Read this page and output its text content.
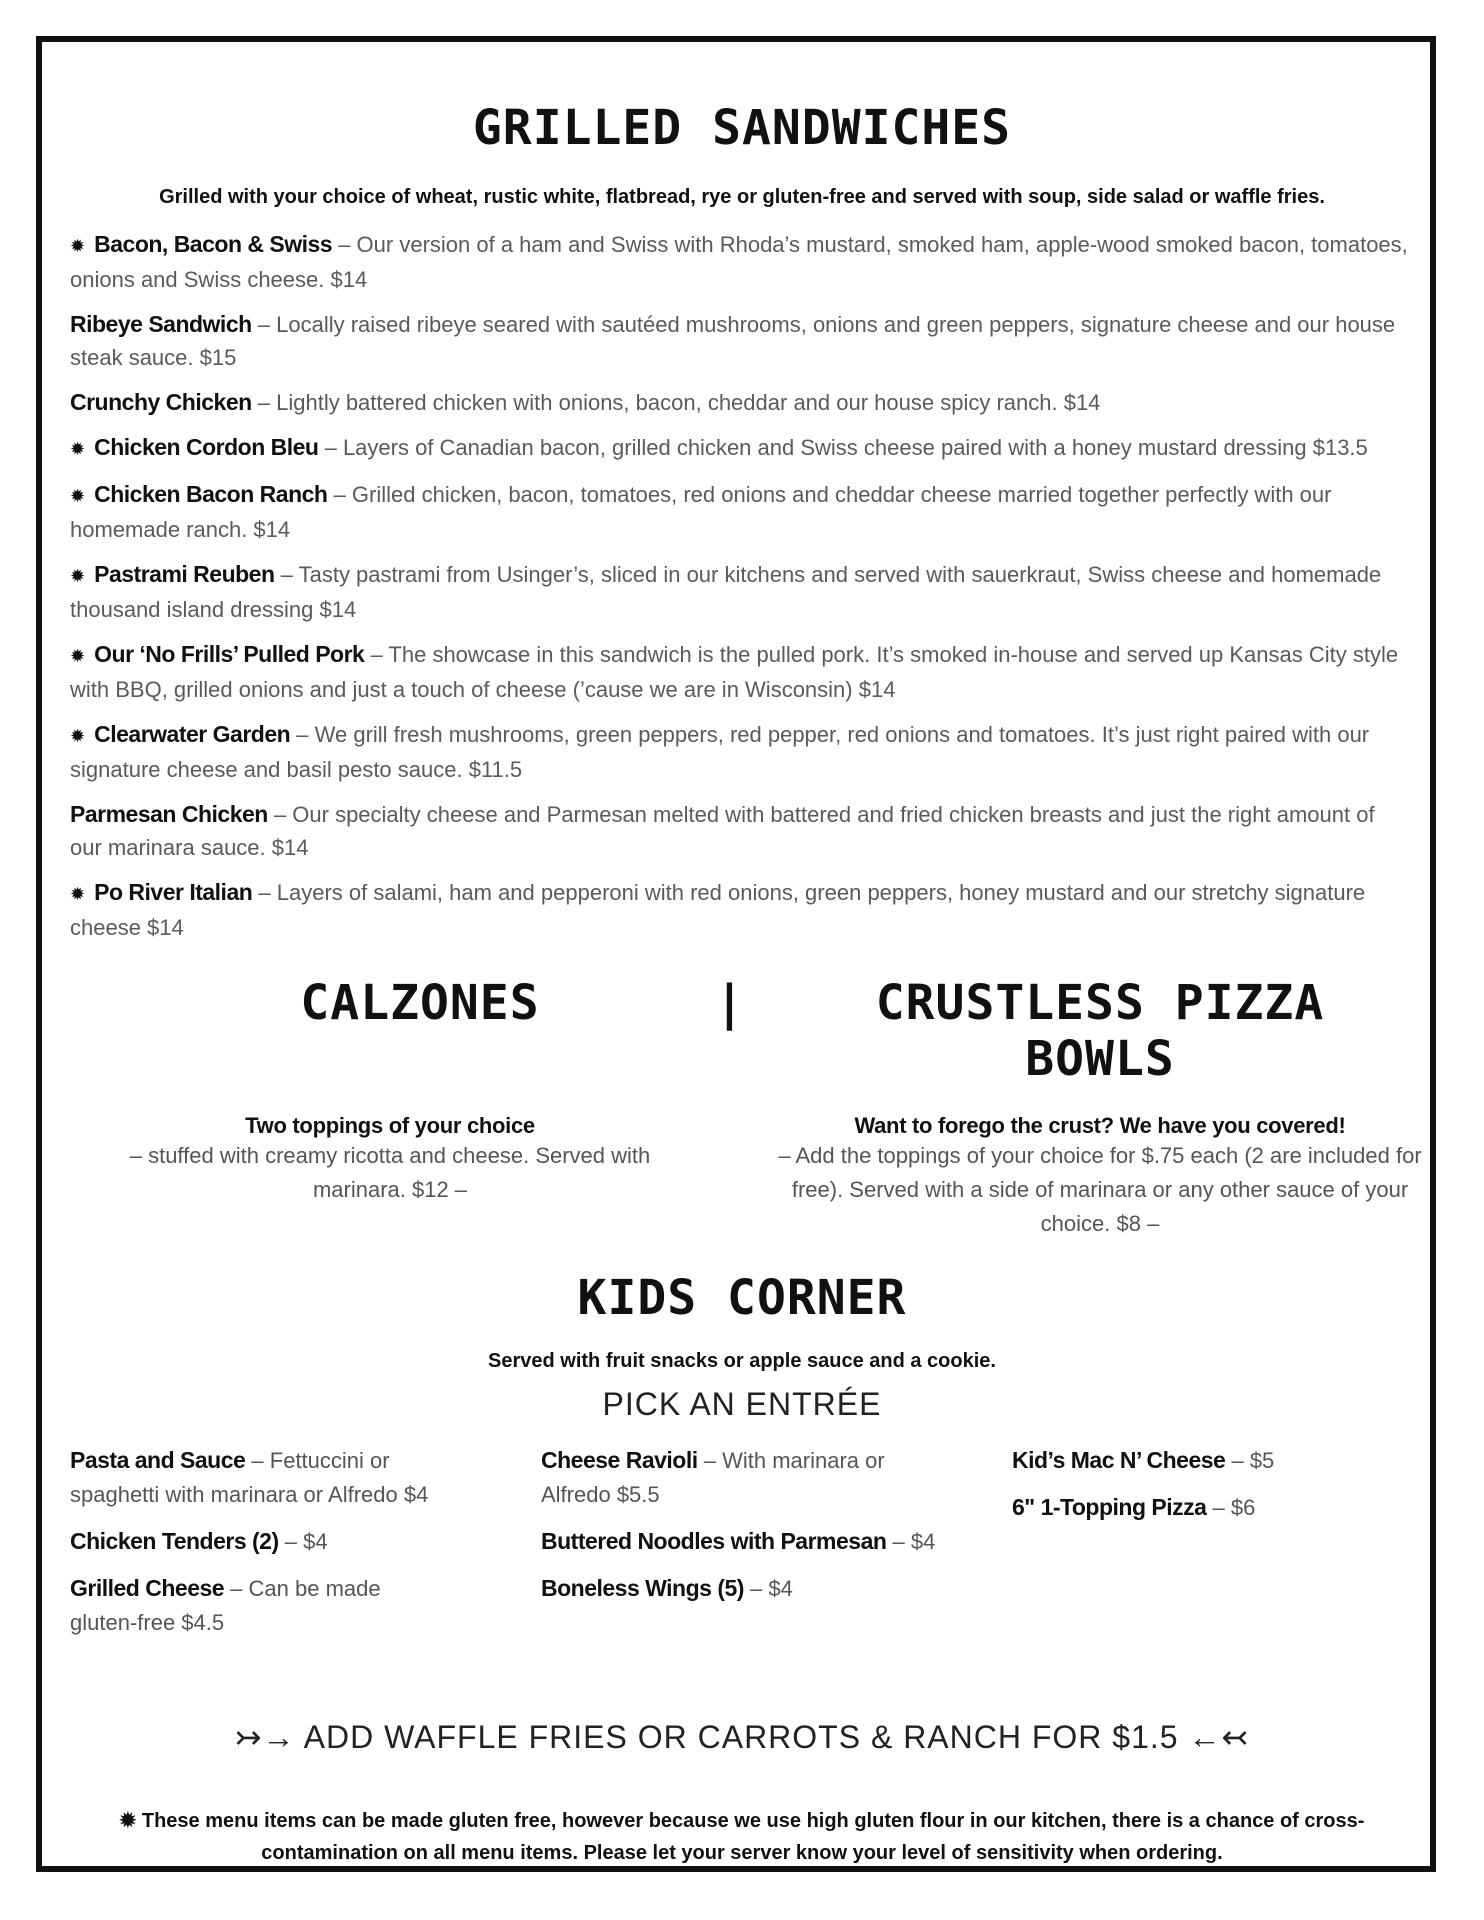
GRILLED SANDWICHES

Grilled with your choice of wheat, rustic white, flatbread, rye or gluten-free and served with soup, side salad or waffle fries.

✹ Bacon, Bacon & Swiss – Our version of a ham and Swiss with Rhoda’s mustard, smoked ham, apple-wood smoked bacon, tomatoes, onions and Swiss cheese. $14

Ribeye Sandwich – Locally raised ribeye seared with sautéed mushrooms, onions and green peppers, signature cheese and our house steak sauce. $15

Crunchy Chicken – Lightly battered chicken with onions, bacon, cheddar and our house spicy ranch. $14

✹ Chicken Cordon Bleu – Layers of Canadian bacon, grilled chicken and Swiss cheese paired with a honey mustard dressing $13.5

✹ Chicken Bacon Ranch – Grilled chicken, bacon, tomatoes, red onions and cheddar cheese married together perfectly with our homemade ranch. $14

✹ Pastrami Reuben – Tasty pastrami from Usinger’s, sliced in our kitchens and served with sauerkraut, Swiss cheese and homemade thousand island dressing $14

✹ Our ‘No Frills’ Pulled Pork – The showcase in this sandwich is the pulled pork. It’s smoked in-house and served up Kansas City style with BBQ, grilled onions and just a touch of cheese (’cause we are in Wisconsin) $14

✹ Clearwater Garden – We grill fresh mushrooms, green peppers, red pepper, red onions and tomatoes. It’s just right paired with our signature cheese and basil pesto sauce. $11.5

Parmesan Chicken – Our specialty cheese and Parmesan melted with battered and fried chicken breasts and just the right amount of our marinara sauce. $14

✹ Po River Italian – Layers of salami, ham and pepperoni with red onions, green peppers, honey mustard and our stretchy signature cheese $14

CALZONES	|	CRUSTLESS PIZZA
BOWLS
Two toppings of your choice
– stuffed with creamy ricotta and cheese. Served with marinara. $12 –
Want to forego the crust? We have you covered!
– Add the toppings of your choice for $.75 each (2 are included for free). Served with a side of marinara or any other sauce of your choice. $8 –
KIDS CORNER

Served with fruit snacks or apple sauce and a cookie.

PICK AN ENTRÉE

Pasta and Sauce – Fettuccini or spaghetti with marinara or Alfredo $4

Chicken Tenders (2) – $4

Grilled Cheese – Can be made gluten-free $4.5

Cheese Ravioli – With marinara or Alfredo $5.5

Buttered Noodles with Parmesan – $4

Boneless Wings (5) – $4

Kid’s Mac N’ Cheese – $5

6" 1-Topping Pizza – $6

↣→ ADD WAFFLE FRIES OR CARROTS & RANCH FOR $1.5 ←↢
✹ These menu items can be made gluten free, however because we use high gluten flour in our kitchen, there is a chance of cross-contamination on all menu items. Please let your server know your level of sensitivity when ordering.
